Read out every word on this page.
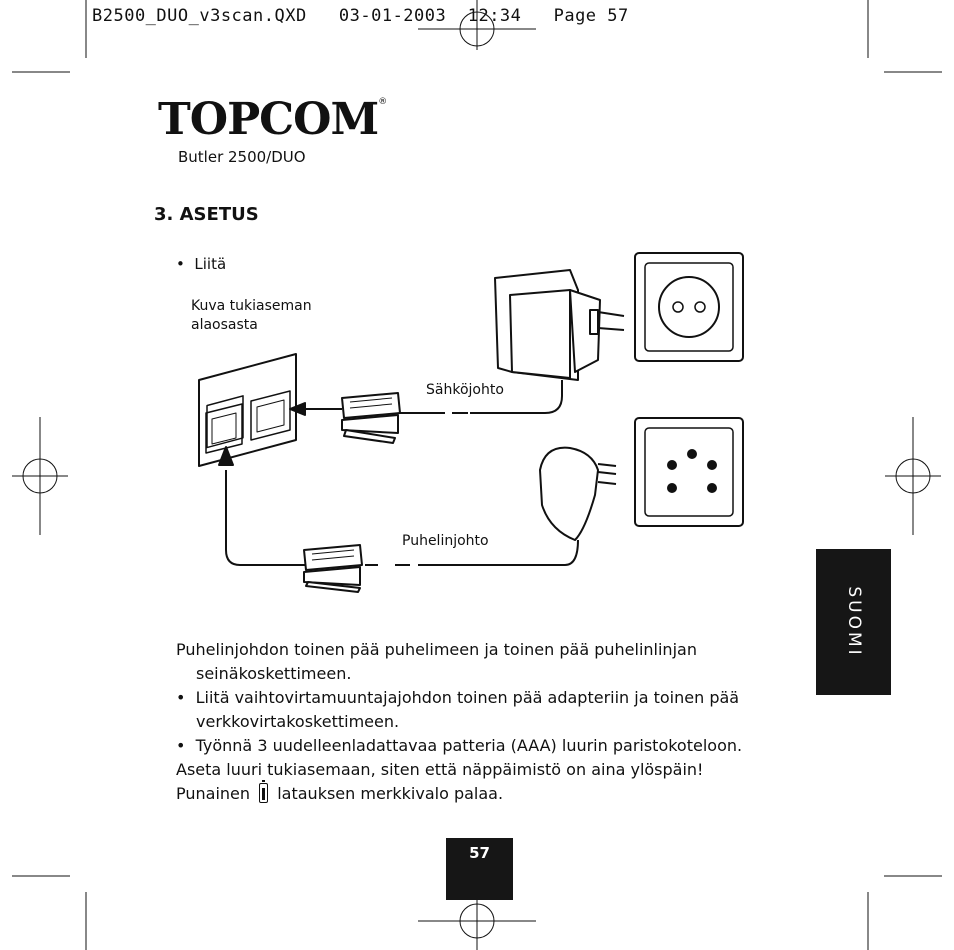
B2500_DUO_v3scan.QXD   03-01-2003  12:34   Page 57
TOPCOM®
Butler 2500/DUO
3. ASETUS
•  Liitä
Kuva tukiaseman
alaosasta
Sähköjohto
Puhelinjohto

Puhelinjohdon toinen pää puhelimeen ja toinen pää puhelinlinjan
seinäkoskettimeen.

•  Liitä vaihtovirtamuuntajajohdon toinen pää adapteriin ja toinen pää
verkkovirtakoskettimeen.

•  Työnnä 3 uudelleenladattavaa patteria (AAA) luurin paristokoteloon.

Aseta luuri tukiasemaan, siten että näppäimistö on aina ylöspäin!

Punainen latauksen merkkivalo palaa.

SUOMI
57
